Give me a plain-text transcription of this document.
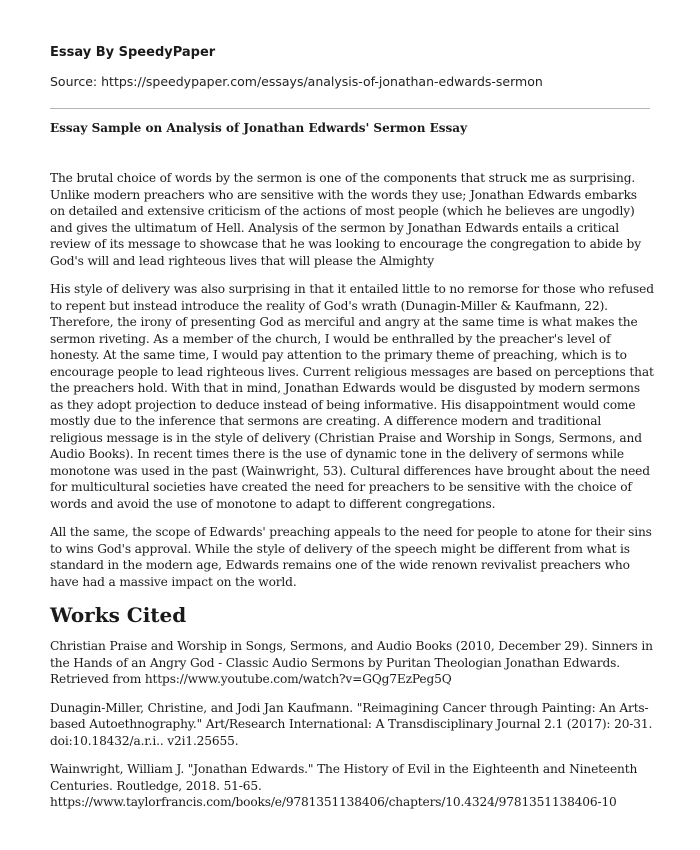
Essay By SpeedyPaper
Source: https://speedypaper.com/essays/analysis-of-jonathan-edwards-sermon
Essay Sample on Analysis of Jonathan Edwards' Sermon Essay

The brutal choice of words by the sermon is one of the components that struck me as surprising. Unlike modern preachers who are sensitive with the words they use; Jonathan Edwards embarks on detailed and extensive criticism of the actions of most people (which he believes are ungodly) and gives the ultimatum of Hell. Analysis of the sermon by Jonathan Edwards entails a critical review of its message to showcase that he was looking to encourage the congregation to abide by God's will and lead righteous lives that will please the Almighty

His style of delivery was also surprising in that it entailed little to no remorse for those who refused to repent but instead introduce the reality of God's wrath (Dunagin-Miller & Kaufmann, 22). Therefore, the irony of presenting God as merciful and angry at the same time is what makes the sermon riveting. As a member of the church, I would be enthralled by the preacher's level of honesty. At the same time, I would pay attention to the primary theme of preaching, which is to encourage people to lead righteous lives. Current religious messages are based on perceptions that the preachers hold. With that in mind, Jonathan Edwards would be disgusted by modern sermons as they adopt projection to deduce instead of being informative. His disappointment would come mostly due to the inference that sermons are creating. A difference modern and traditional religious message is in the style of delivery (Christian Praise and Worship in Songs, Sermons, and Audio Books). In recent times there is the use of dynamic tone in the delivery of sermons while monotone was used in the past (Wainwright, 53). Cultural differences have brought about the need for multicultural societies have created the need for preachers to be sensitive with the choice of words and avoid the use of monotone to adapt to different congregations.

All the same, the scope of Edwards' preaching appeals to the need for people to atone for their sins to wins God's approval. While the style of delivery of the speech might be different from what is standard in the modern age, Edwards remains one of the wide renown revivalist preachers who have had a massive impact on the world.

Works Cited

Christian Praise and Worship in Songs, Sermons, and Audio Books (2010, December 29). Sinners in the Hands of an Angry God - Classic Audio Sermons by Puritan Theologian Jonathan Edwards. Retrieved from https://www.youtube.com/watch?v=GQg7EzPeg5Q

Dunagin-Miller, Christine, and Jodi Jan Kaufmann. "Reimagining Cancer through Painting: An Arts-based Autoethnography." Art/Research International: A Transdisciplinary Journal 2.1 (2017): 20-31. doi:10.18432/a.r.i.. v2i1.25655.

Wainwright, William J. "Jonathan Edwards." The History of Evil in the Eighteenth and Nineteenth Centuries. Routledge, 2018. 51-65. https://www.taylorfrancis.com/books/e/9781351138406/chapters/10.4324/9781351138406-10
